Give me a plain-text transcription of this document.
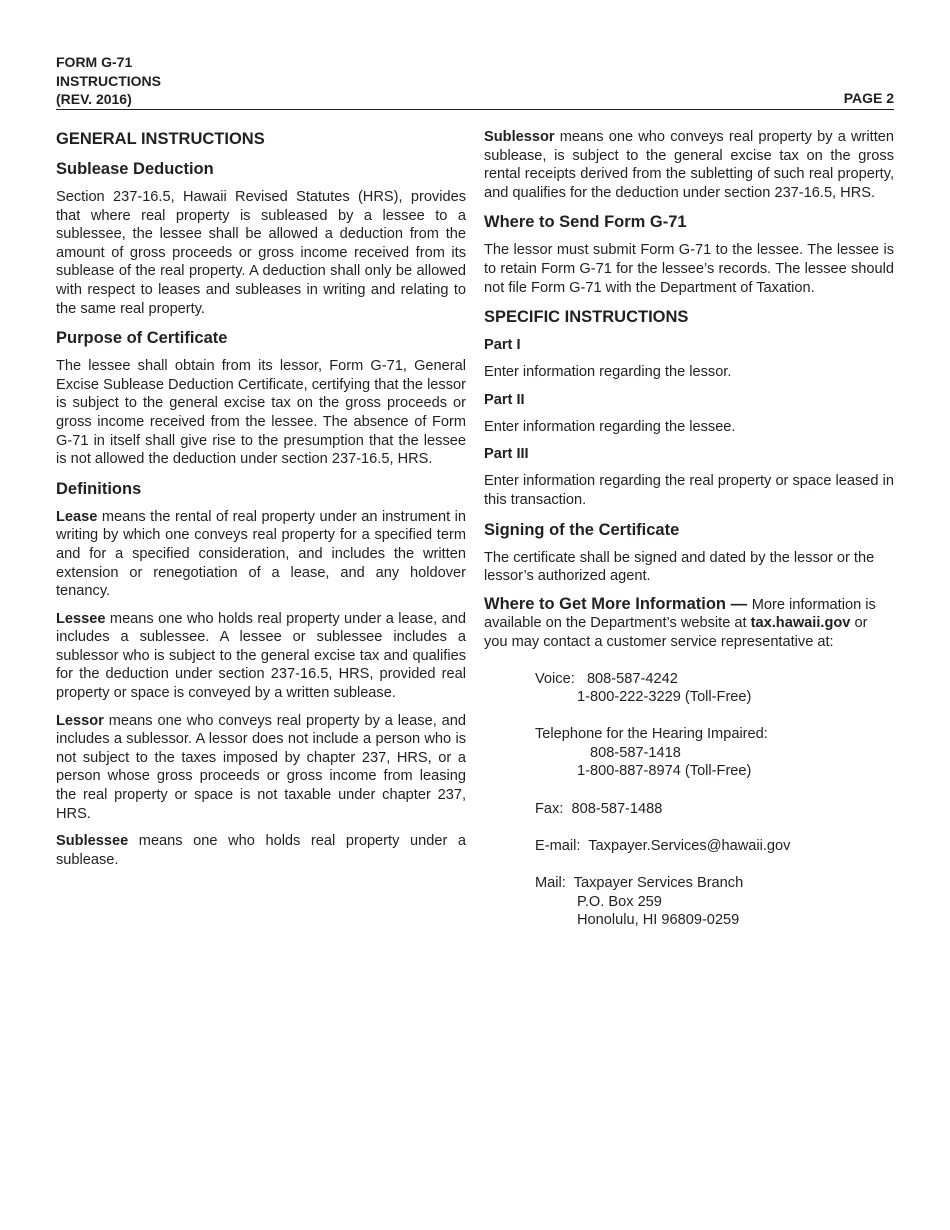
FORM G-71
INSTRUCTIONS
(REV. 2016)	PAGE 2
GENERAL INSTRUCTIONS
Sublease Deduction

Section 237-16.5, Hawaii Revised Statutes (HRS), provides that where real property is subleased by a lessee to a sublessee, the lessee shall be allowed a deduction from the amount of gross proceeds or gross income received from its sublease of the real property. A deduction shall only be allowed with respect to leases and subleases in writing and relating to the same real property.

Purpose of Certificate

The lessee shall obtain from its lessor, Form G-71, General Excise Sublease Deduction Certificate, certifying that the lessor is subject to the general excise tax on the gross proceeds or gross income received from the lessee. The absence of Form G-71 in itself shall give rise to the presumption that the lessee is not allowed the deduction under section 237-16.5, HRS.

Definitions

Lease means the rental of real property under an instrument in writing by which one conveys real property for a specified term and for a specified consideration, and includes the written extension or renegotiation of a lease, and any holdover tenancy.

Lessee means one who holds real property under a lease, and includes a sublessee. A lessee or sublessee includes a sublessor who is subject to the general excise tax and qualifies for the deduction under section 237-16.5, HRS, provided real property or space is conveyed by a written sublease.

Lessor means one who conveys real property by a lease, and includes a sublessor. A lessor does not include a person who is not subject to the taxes imposed by chapter 237, HRS, or a person whose gross proceeds or gross income from leasing the real property or space is not taxable under chapter 237, HRS.

Sublessee means one who holds real property under a sublease.

Sublessor means one who conveys real property by a written sublease, is subject to the general excise tax on the gross rental receipts derived from the subletting of such real property, and qualifies for the deduction under section 237-16.5, HRS.

Where to Send Form G-71

The lessor must submit Form G-71 to the lessee. The lessee is to retain Form G-71 for the lessee’s records. The lessee should not file Form G-71 with the Department of Taxation.

SPECIFIC INSTRUCTIONS
Part I

Enter information regarding the lessor.

Part II

Enter information regarding the lessee.

Part III

Enter information regarding the real property or space leased in this transaction.

Signing of the Certificate

The certificate shall be signed and dated by the lessor or the lessor’s authorized agent.

Where to Get More Information — More information is available on the Department’s website at tax.hawaii.gov or you may contact a customer service representative at:

Voice: 808-587-4242
1-800-222-3229 (Toll-Free)
Telephone for the Hearing Impaired:
808-587-1418
1-800-887-8974 (Toll-Free)
Fax: 808-587-1488
E-mail: Taxpayer.Services@hawaii.gov
Mail: Taxpayer Services Branch
P.O. Box 259
Honolulu, HI 96809-0259
